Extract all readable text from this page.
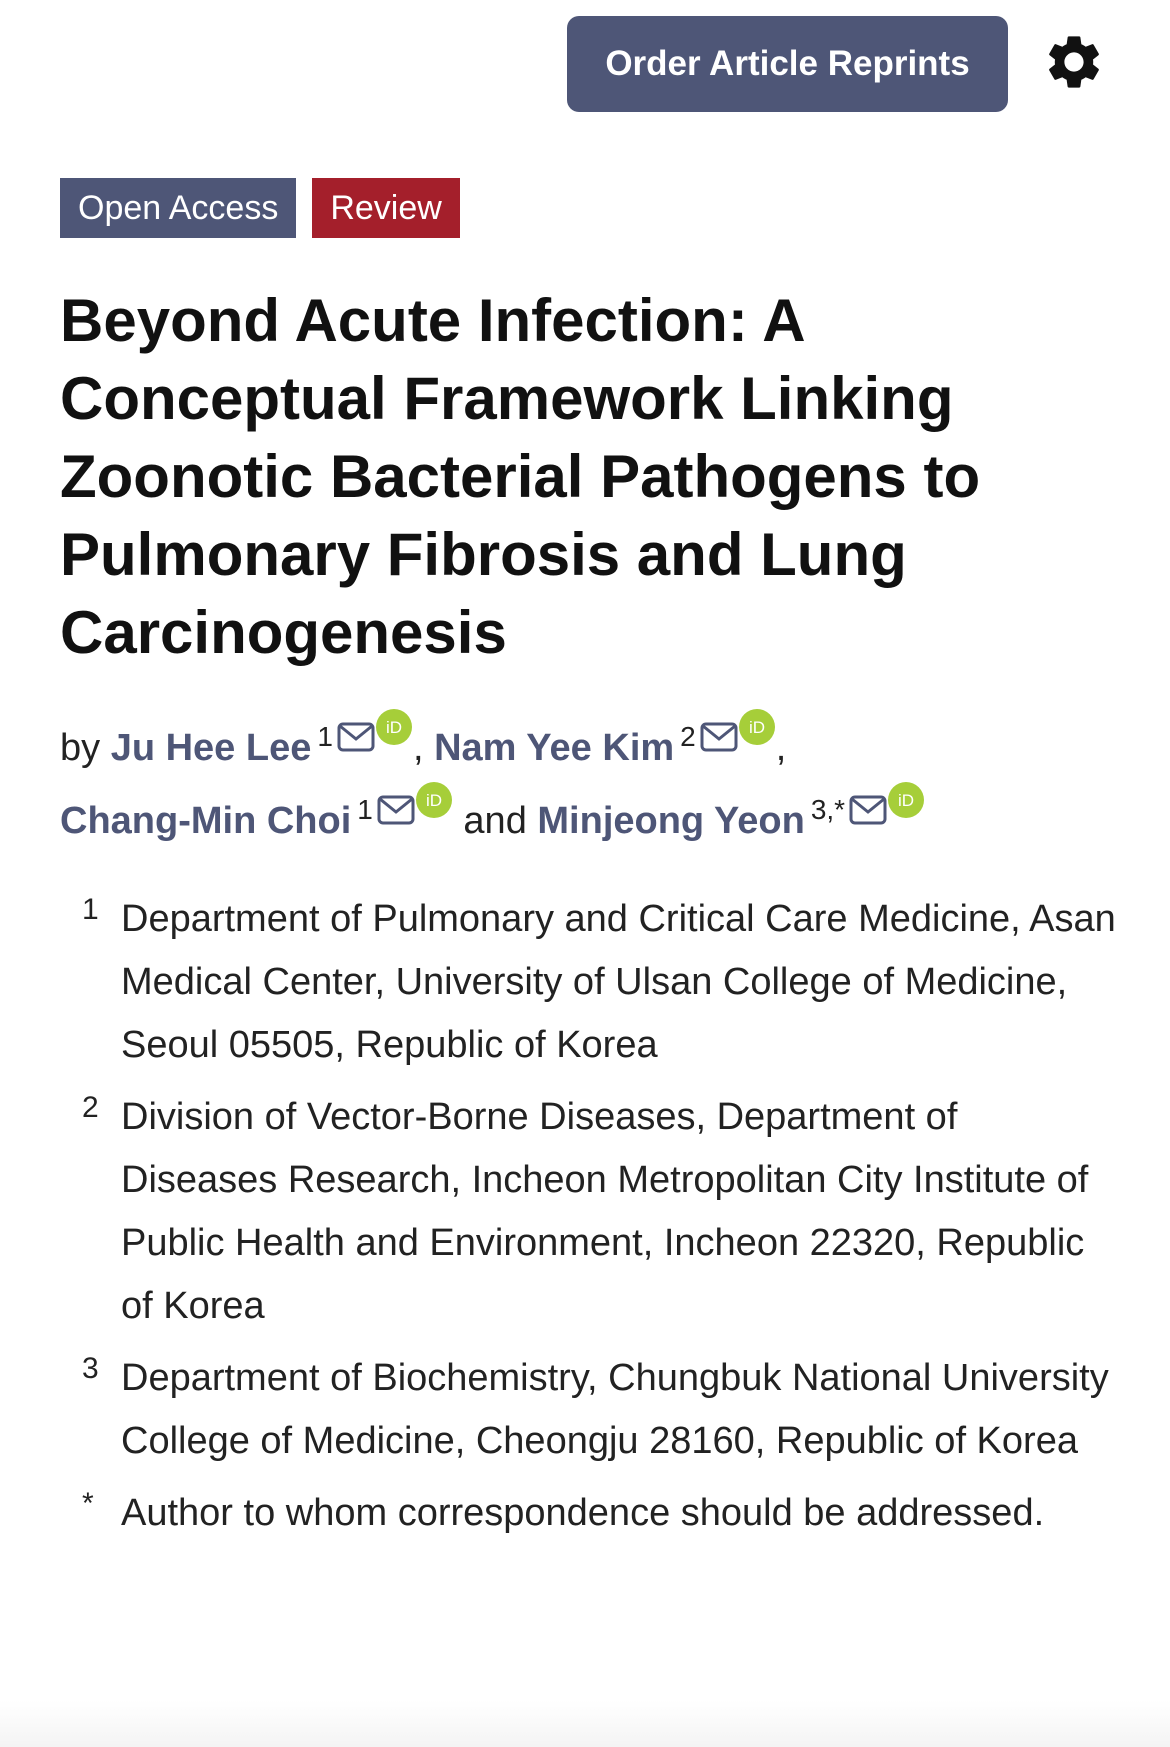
Order Article Reprints
Open Access	Review
Beyond Acute Infection: A Conceptual Framework Linking Zoonotic Bacterial Pathogens to Pulmonary Fibrosis and Lung Carcinogenesis
by Ju Hee Lee $^1$	iD , Nam Yee Kim $^2$	iD ,
Chang-Min Choi $^1$	iD and Minjeong Yeon $^{3,*}$	iD
1 Department of Pulmonary and Critical Care Medicine, Asan Medical Center, University of Ulsan College of Medicine, Seoul 05505, Republic of Korea
2 Division of Vector-Borne Diseases, Department of Diseases Research, Incheon Metropolitan City Institute of Public Health and Environment, Incheon 22320, Republic of Korea
3 Department of Biochemistry, Chungbuk National University College of Medicine, Cheongju 28160, Republic of Korea
* Author to whom correspondence should be addressed.
